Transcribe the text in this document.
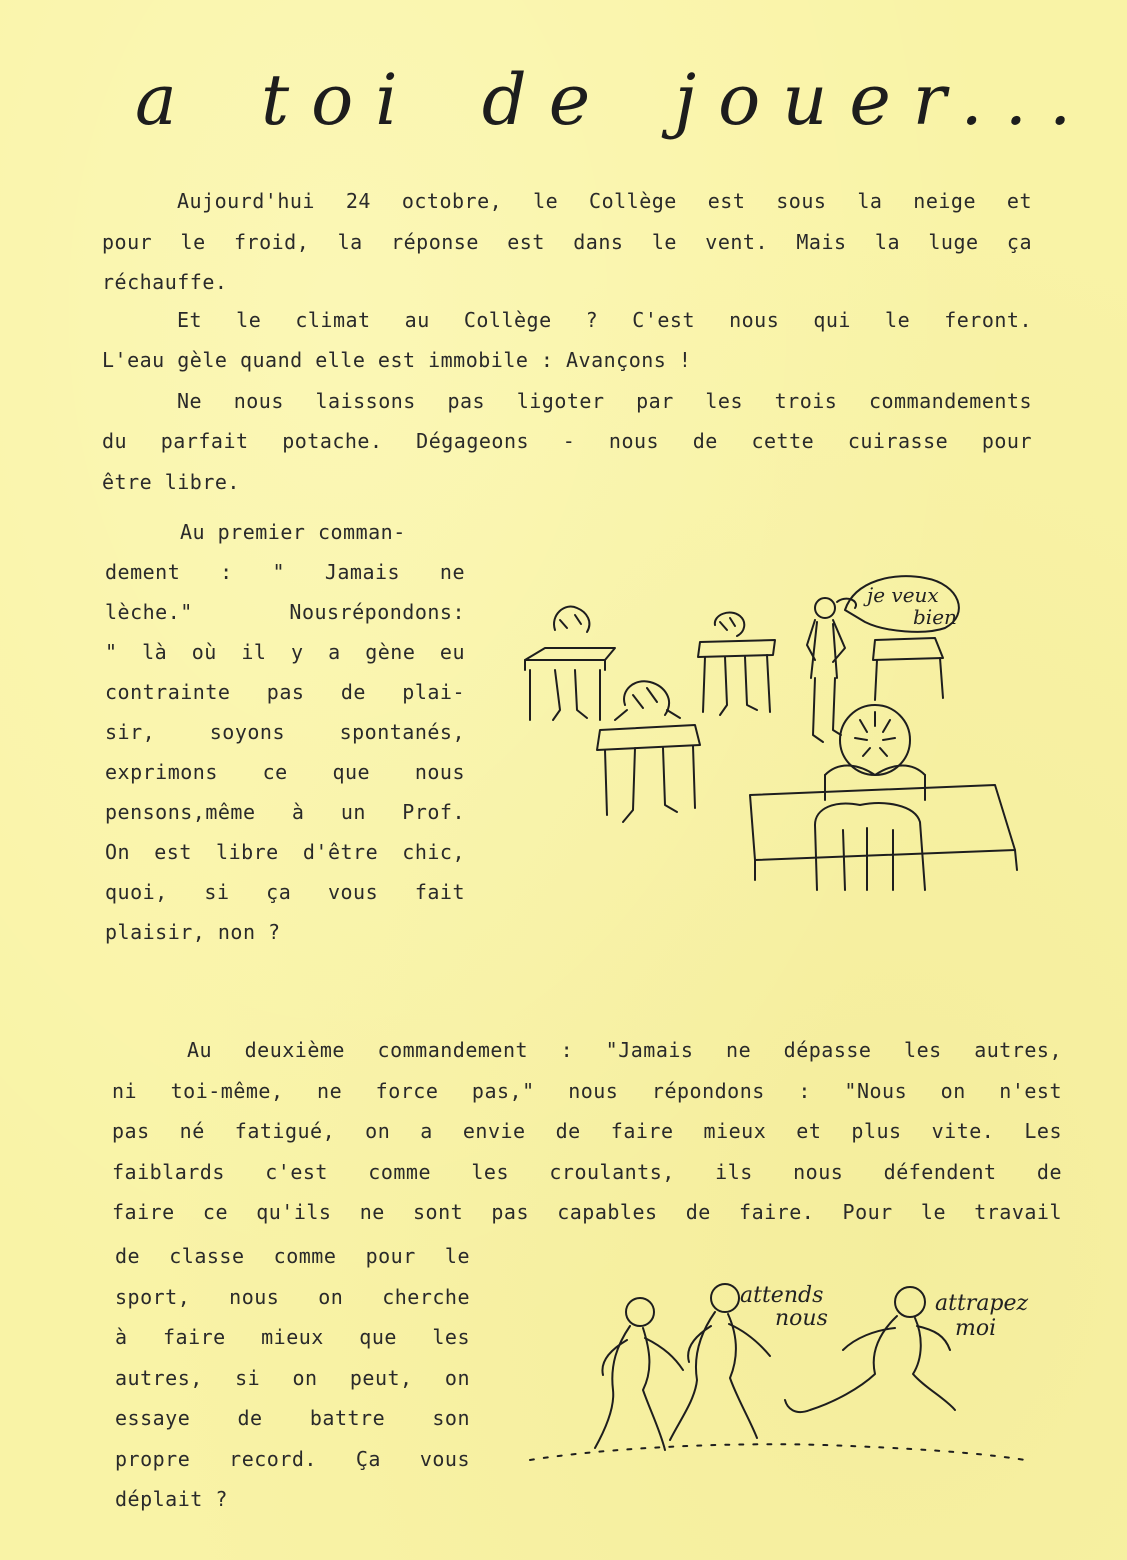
a toi de jouer...
Aujourd'hui 24 octobre, le Collège est sous la neige et
pour le froid, la réponse est dans le vent. Mais la luge ça
réchauffe.
Et le climat au Collège ? C'est nous qui le feront.
L'eau gèle quand elle est immobile : Avançons !
Ne nous laissons pas ligoter par les trois commandements
du parfait potache. Dégageons - nous de cette cuirasse pour
être libre.
Au premier comman-
dement : " Jamais ne
lèche." Nousrépondons:
" là où il y a gène eu
contrainte pas de plai-
sir, soyons spontanés,
exprimons ce que nous
pensons,même à un Prof.
On est libre d'être chic,
quoi, si ça vous fait
plaisir, non ?
Au deuxième commandement : "Jamais ne dépasse les autres,
ni toi-même, ne force pas," nous répondons : "Nous on n'est
pas né fatigué, on a envie de faire mieux et plus vite. Les
faiblards c'est comme les croulants, ils nous défendent de
faire ce qu'ils ne sont pas capables de faire. Pour le travail
de classe comme pour le
sport, nous on cherche
à faire mieux que les
autres, si on peut, on
essaye de battre son
propre record. Ça vous
déplait ?
je veux
bien
attends
nous
attrapez
moi
